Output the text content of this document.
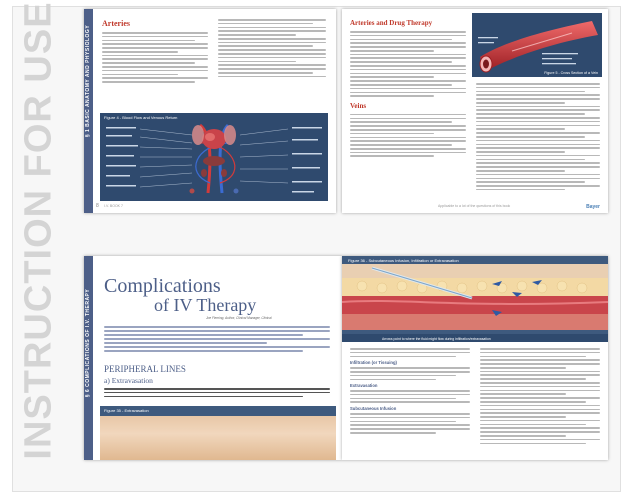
INSTRUCTION FOR USE	§ 1 BASIC ANATOMY AND PHYSIOLOGY
Arteries
Figure 4 - Blood Flow and Venous Return
8 I.V. BOOK 7
Arteries and Drug Therapy
Veins
Figure 5 - Cross Section of a Vein
Applicable to a lot of the questions of this book	Bayer
§ 6 COMPLICATIONS OF I.V. THERAPY
Complications
of IV Therapy
Joe Fleming, Author, Clinical Manager, Clinical
PERIPHERAL LINES
a) Extravasation
Figure 35 - Extravasation
Figure 36 - Subcutaneous Infusion, Infiltration or Extravasation
Arrows point to where the fluid might flow during infiltration/extravasation
Infiltration (or Tissuing)
Extravasation
Subcutaneous Infusion
